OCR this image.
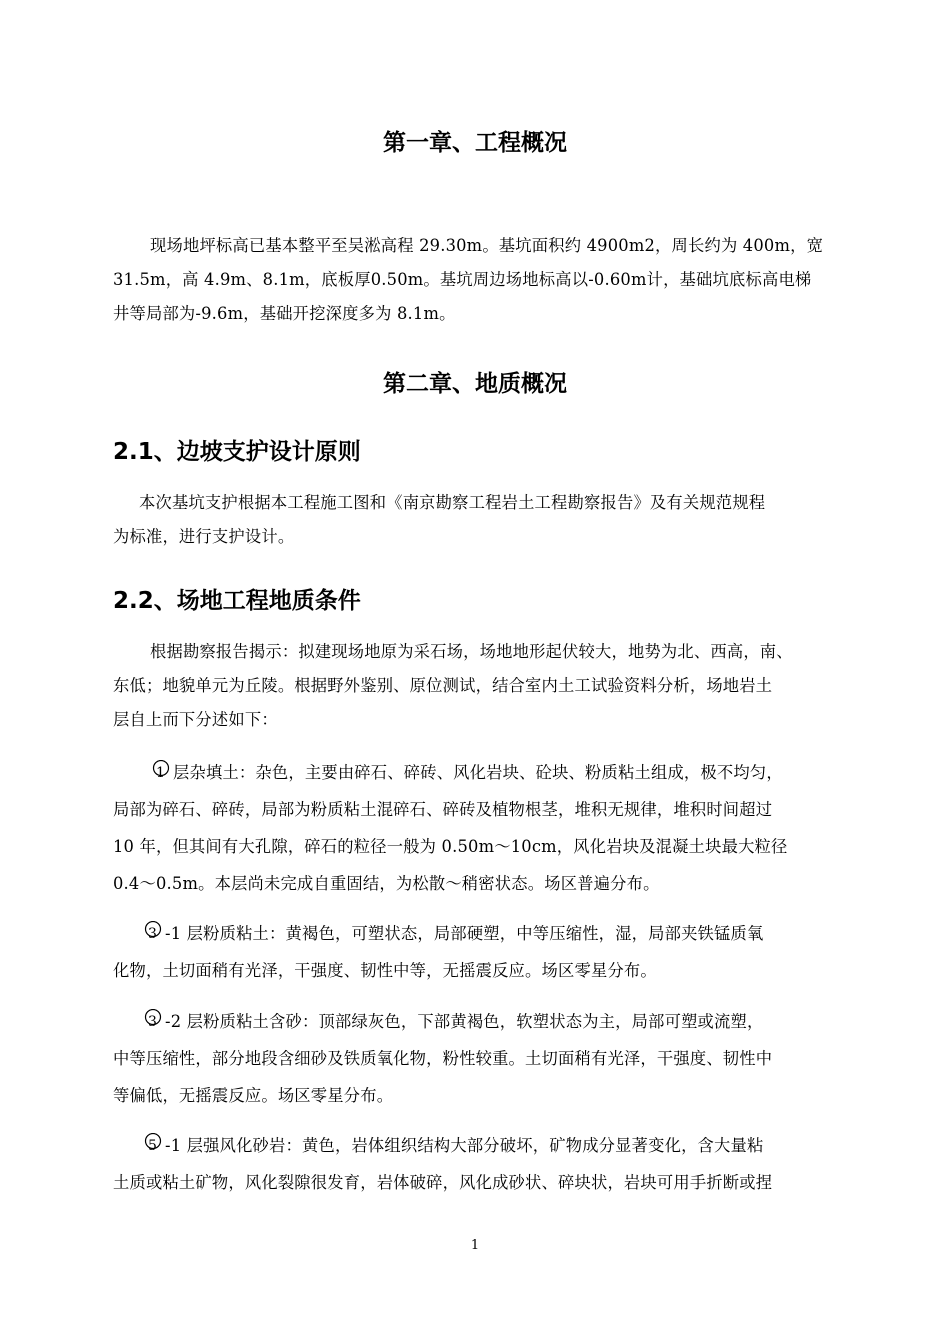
第一章、工程概况
现场地坪标高已基本整平至吴淞高程 29.30m。基坑面积约 4900m2，周长约为 400m，宽
31.5m，高 4.9m、8.1m，底板厚0.50m。基坑周边场地标高以-0.60m计，基础坑底标高电梯
井等局部为-9.6m，基础开挖深度多为 8.1m。
第二章、地质概况
2.1、边坡支护设计原则
本次基坑支护根据本工程施工图和《南京勘察工程岩土工程勘察报告》及有关规范规程
为标准，进行支护设计。
2.2、场地工程地质条件
根据勘察报告揭示：拟建现场地原为采石场，场地地形起伏较大，地势为北、西高，南、
东低；地貌单元为丘陵。根据野外鉴别、原位测试，结合室内土工试验资料分析，场地岩土
层自上而下分述如下：
1 层杂填土：杂色，主要由碎石、碎砖、风化岩块、砼块、粉质粘土组成，极不均匀，
局部为碎石、碎砖，局部为粉质粘土混碎石、碎砖及植物根茎，堆积无规律，堆积时间超过
10 年，但其间有大孔隙，碎石的粒径一般为 0.50m～10cm，风化岩块及混凝土块最大粒径
0.4～0.5m。本层尚未完成自重固结，为松散～稍密状态。场区普遍分布。
3 -1 层粉质粘土：黄褐色，可塑状态，局部硬塑，中等压缩性，湿，局部夹铁锰质氧
化物，土切面稍有光泽，干强度、韧性中等，无摇震反应。场区零星分布。
3 -2 层粉质粘土含砂：顶部绿灰色，下部黄褐色，软塑状态为主，局部可塑或流塑，
中等压缩性，部分地段含细砂及铁质氧化物，粉性较重。土切面稍有光泽，干强度、韧性中
等偏低，无摇震反应。场区零星分布。
5 -1 层强风化砂岩：黄色，岩体组织结构大部分破坏，矿物成分显著变化，含大量粘
土质或粘土矿物，风化裂隙很发育，岩体破碎，风化成砂状、碎块状，岩块可用手折断或捏
1
